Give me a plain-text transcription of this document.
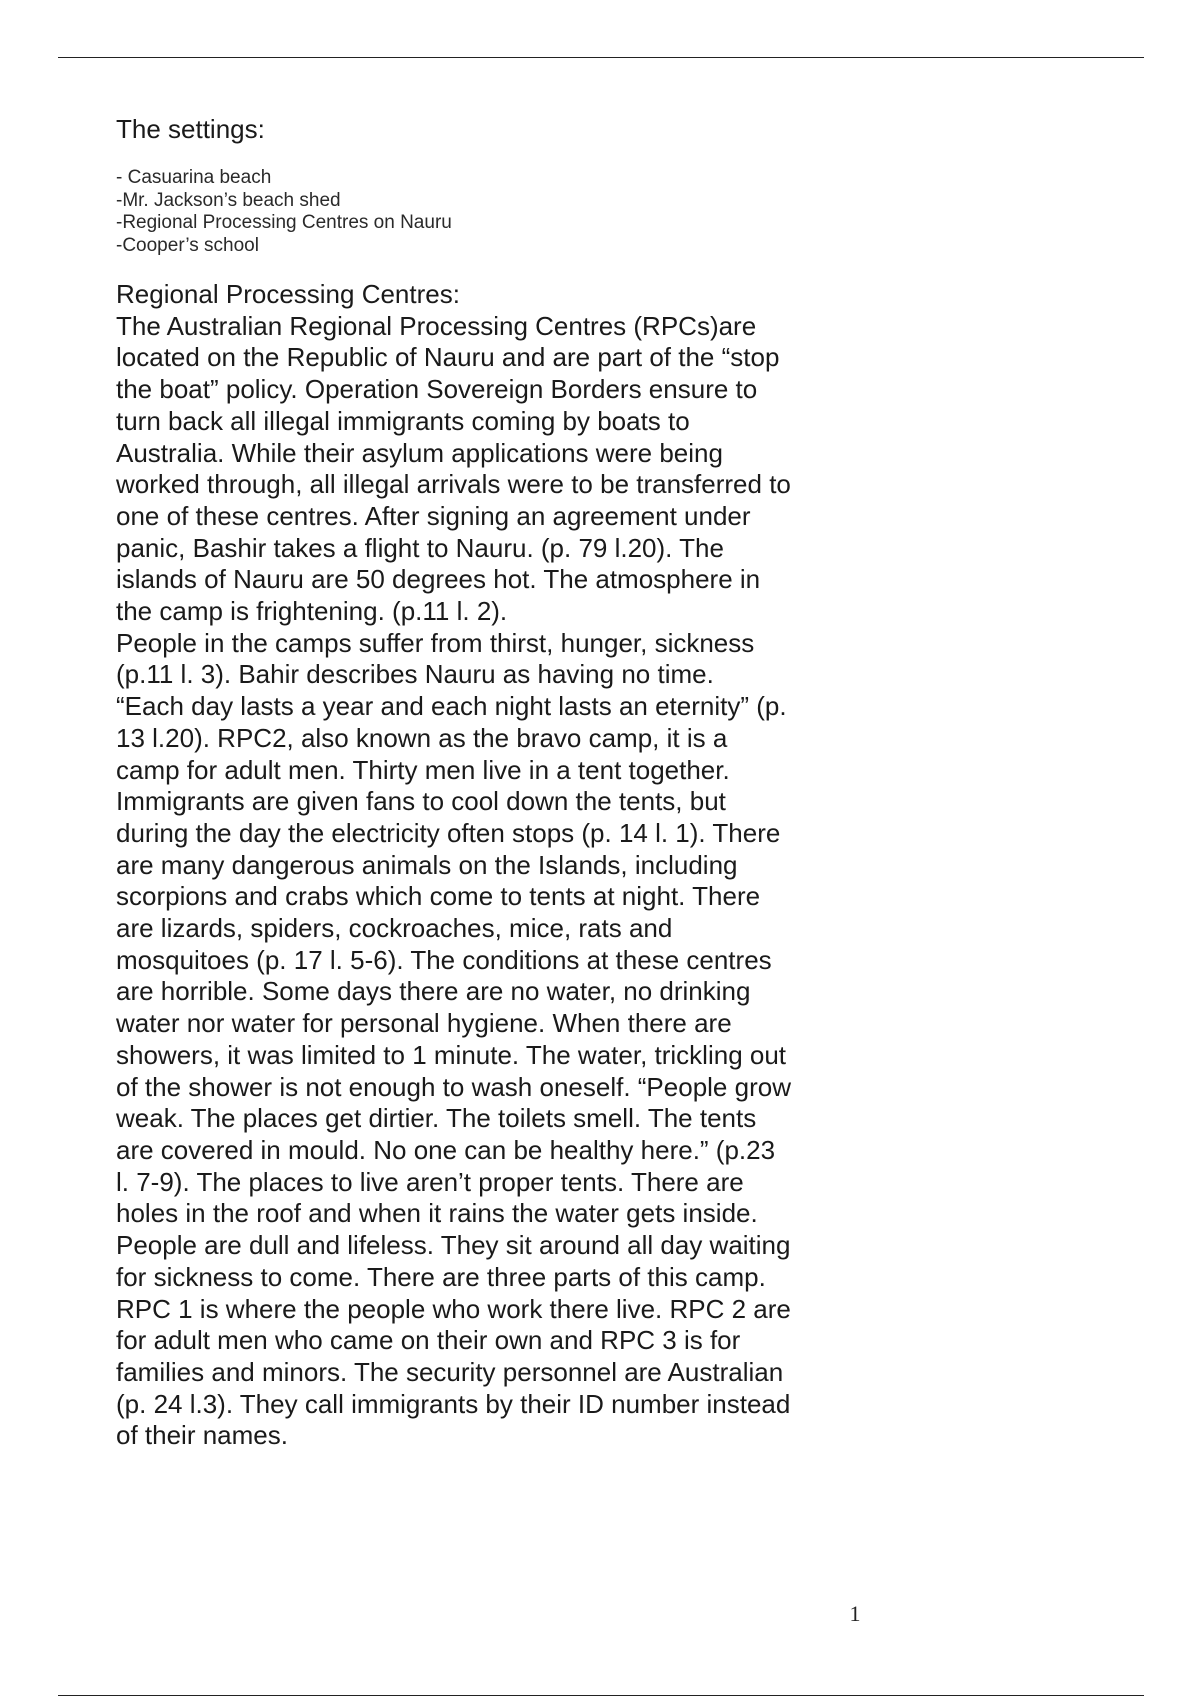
The settings:
- Casuarina beach
-Mr. Jackson’s beach shed
-Regional Processing Centres on Nauru
-Cooper’s school
Regional Processing Centres:

The Australian Regional Processing Centres (RPCs)are
located on the Republic of Nauru and are part of the “stop
the boat” policy. Operation Sovereign Borders ensure to
turn back all illegal immigrants coming by boats to
Australia. While their asylum applications were being
worked through, all illegal arrivals were to be transferred to
one of these centres. After signing an agreement under
panic, Bashir takes a flight to Nauru. (p. 79 l.20). The
islands of Nauru are 50 degrees hot. The atmosphere in
the camp is frightening. (p.11 l. 2).

People in the camps suffer from thirst, hunger, sickness
(p.11 l. 3). Bahir describes Nauru as having no time.
“Each day lasts a year and each night lasts an eternity” (p.
13 l.20). RPC2, also known as the bravo camp, it is a
camp for adult men. Thirty men live in a tent together.
Immigrants are given fans to cool down the tents, but
during the day the electricity often stops (p. 14 l. 1). There
are many dangerous animals on the Islands, including
scorpions and crabs which come to tents at night. There
are lizards, spiders, cockroaches, mice, rats and
mosquitoes (p. 17 l. 5-6). The conditions at these centres
are horrible. Some days there are no water, no drinking
water nor water for personal hygiene. When there are
showers, it was limited to 1 minute. The water, trickling out
of the shower is not enough to wash oneself. “People grow
weak. The places get dirtier. The toilets smell. The tents
are covered in mould. No one can be healthy here.” (p.23
l. 7-9). The places to live aren’t proper tents. There are
holes in the roof and when it rains the water gets inside.
People are dull and lifeless. They sit around all day waiting
for sickness to come. There are three parts of this camp.
RPC 1 is where the people who work there live. RPC 2 are
for adult men who came on their own and RPC 3 is for
families and minors. The security personnel are Australian
(p. 24 l.3). They call immigrants by their ID number instead
of their names.

1
